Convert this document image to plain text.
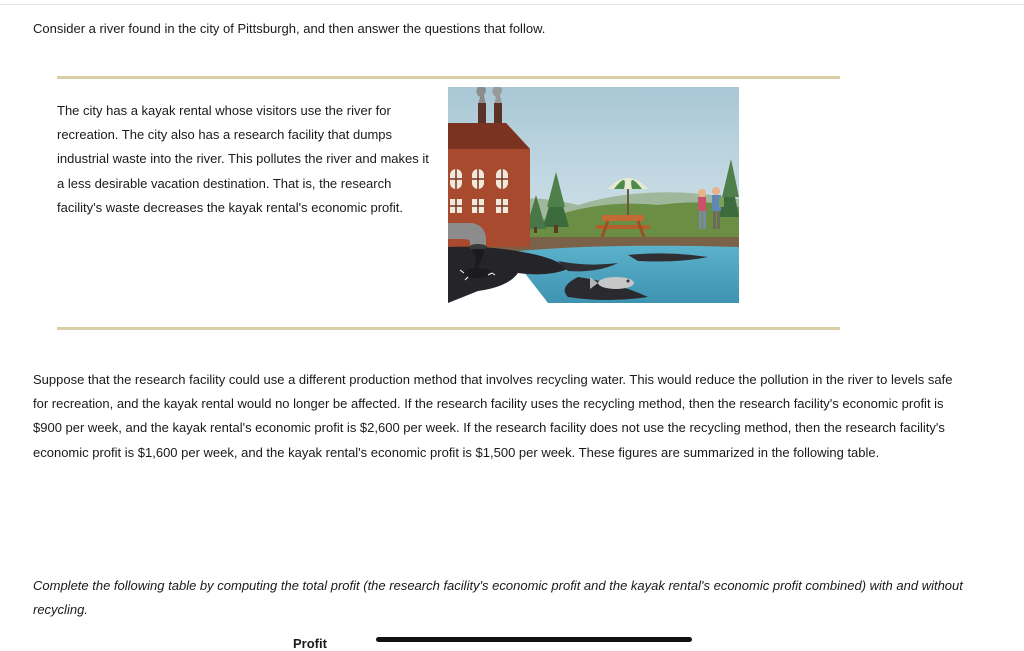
Consider a river found in the city of Pittsburgh, and then answer the questions that follow.
The city has a kayak rental whose visitors use the river for recreation. The city also has a research facility that dumps industrial waste into the river. This pollutes the river and makes it a less desirable vacation destination. That is, the research facility's waste decreases the kayak rental's economic profit.
Suppose that the research facility could use a different production method that involves recycling water. This would reduce the pollution in the river to levels safe for recreation, and the kayak rental would no longer be affected. If the research facility uses the recycling method, then the research facility's economic profit is $900 per week, and the kayak rental's economic profit is $2,600 per week. If the research facility does not use the recycling method, then the research facility's economic profit is $1,600 per week, and the kayak rental's economic profit is $1,500 per week. These figures are summarized in the following table.
Complete the following table by computing the total profit (the research facility's economic profit and the kayak rental's economic profit combined) with and without recycling.
Profit
